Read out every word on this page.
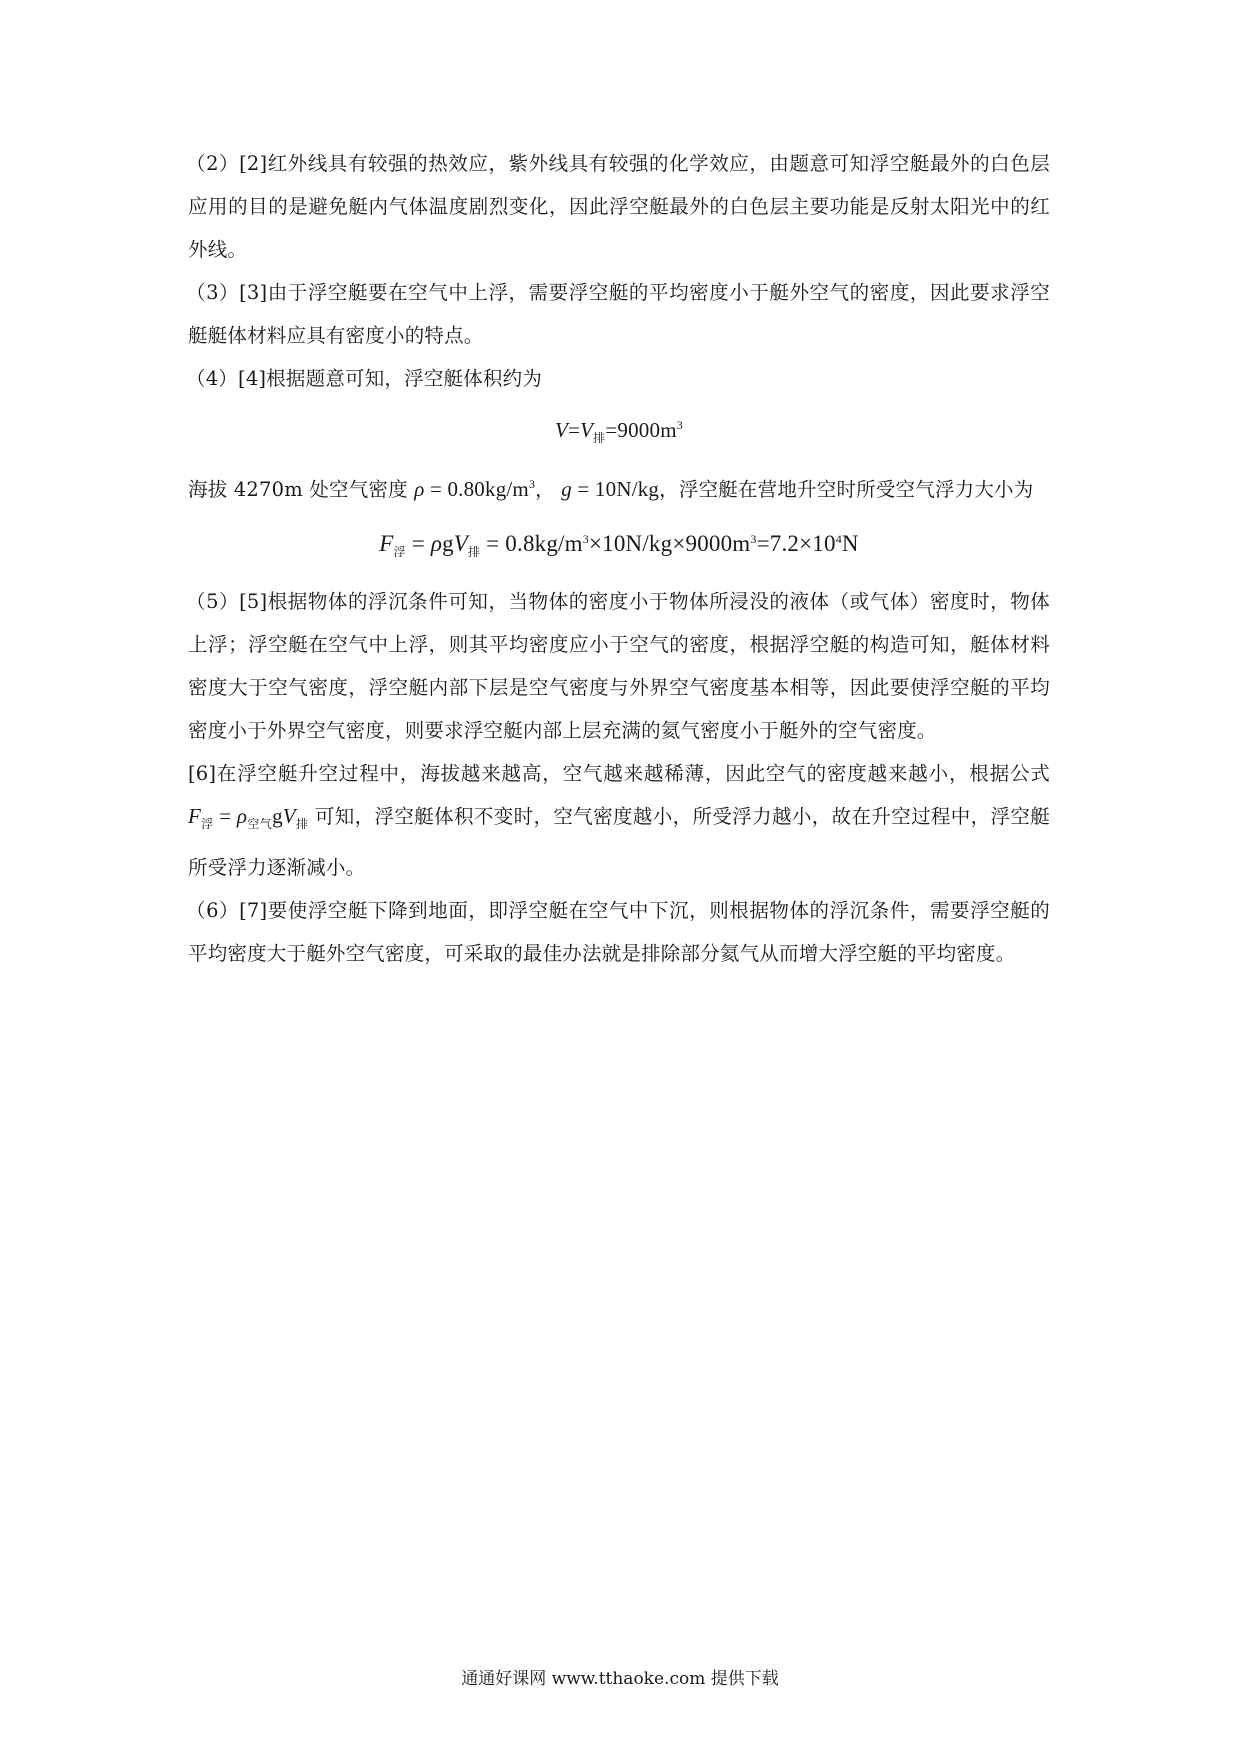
（2）[2]红外线具有较强的热效应，紫外线具有较强的化学效应，由题意可知浮空艇最外的白色层应用的目的是避免艇内气体温度剧烈变化，因此浮空艇最外的白色层主要功能是反射太阳光中的红外线。

（3）[3]由于浮空艇要在空气中上浮，需要浮空艇的平均密度小于艇外空气的密度，因此要求浮空艇艇体材料应具有密度小的特点。

（4）[4]根据题意可知，浮空艇体积约为

$V=V_排=9000m^3$

海拔 4270m 处空气密度 $\rho = 0.80kg/m^3$， g = 10N/kg，浮空艇在营地升空时所受空气浮力大小为

$F_浮 = \rho gV_排 = 0.8kg/m^3\times 10N/kg\times 9000m^3=7.2\times 10^4N$

（5）[5]根据物体的浮沉条件可知，当物体的密度小于物体所浸没的液体（或气体）密度时，物体上浮；浮空艇在空气中上浮，则其平均密度应小于空气的密度，根据浮空艇的构造可知，艇体材料密度大于空气密度，浮空艇内部下层是空气密度与外界空气密度基本相等，因此要使浮空艇的平均密度小于外界空气密度，则要求浮空艇内部上层充满的氦气密度小于艇外的空气密度。

[6]在浮空艇升空过程中，海拔越来越高，空气越来越稀薄，因此空气的密度越来越小，根据公式 $F_浮 = \rho_{空气}gV_排$ 可知，浮空艇体积不变时，空气密度越小，所受浮力越小，故在升空过程中，浮空艇所受浮力逐渐减小。

（6）[7]要使浮空艇下降到地面，即浮空艇在空气中下沉，则根据物体的浮沉条件，需要浮空艇的平均密度大于艇外空气密度，可采取的最佳办法就是排除部分氦气从而增大浮空艇的平均密度。

通通好课网 www.tthaoke.com 提供下载
